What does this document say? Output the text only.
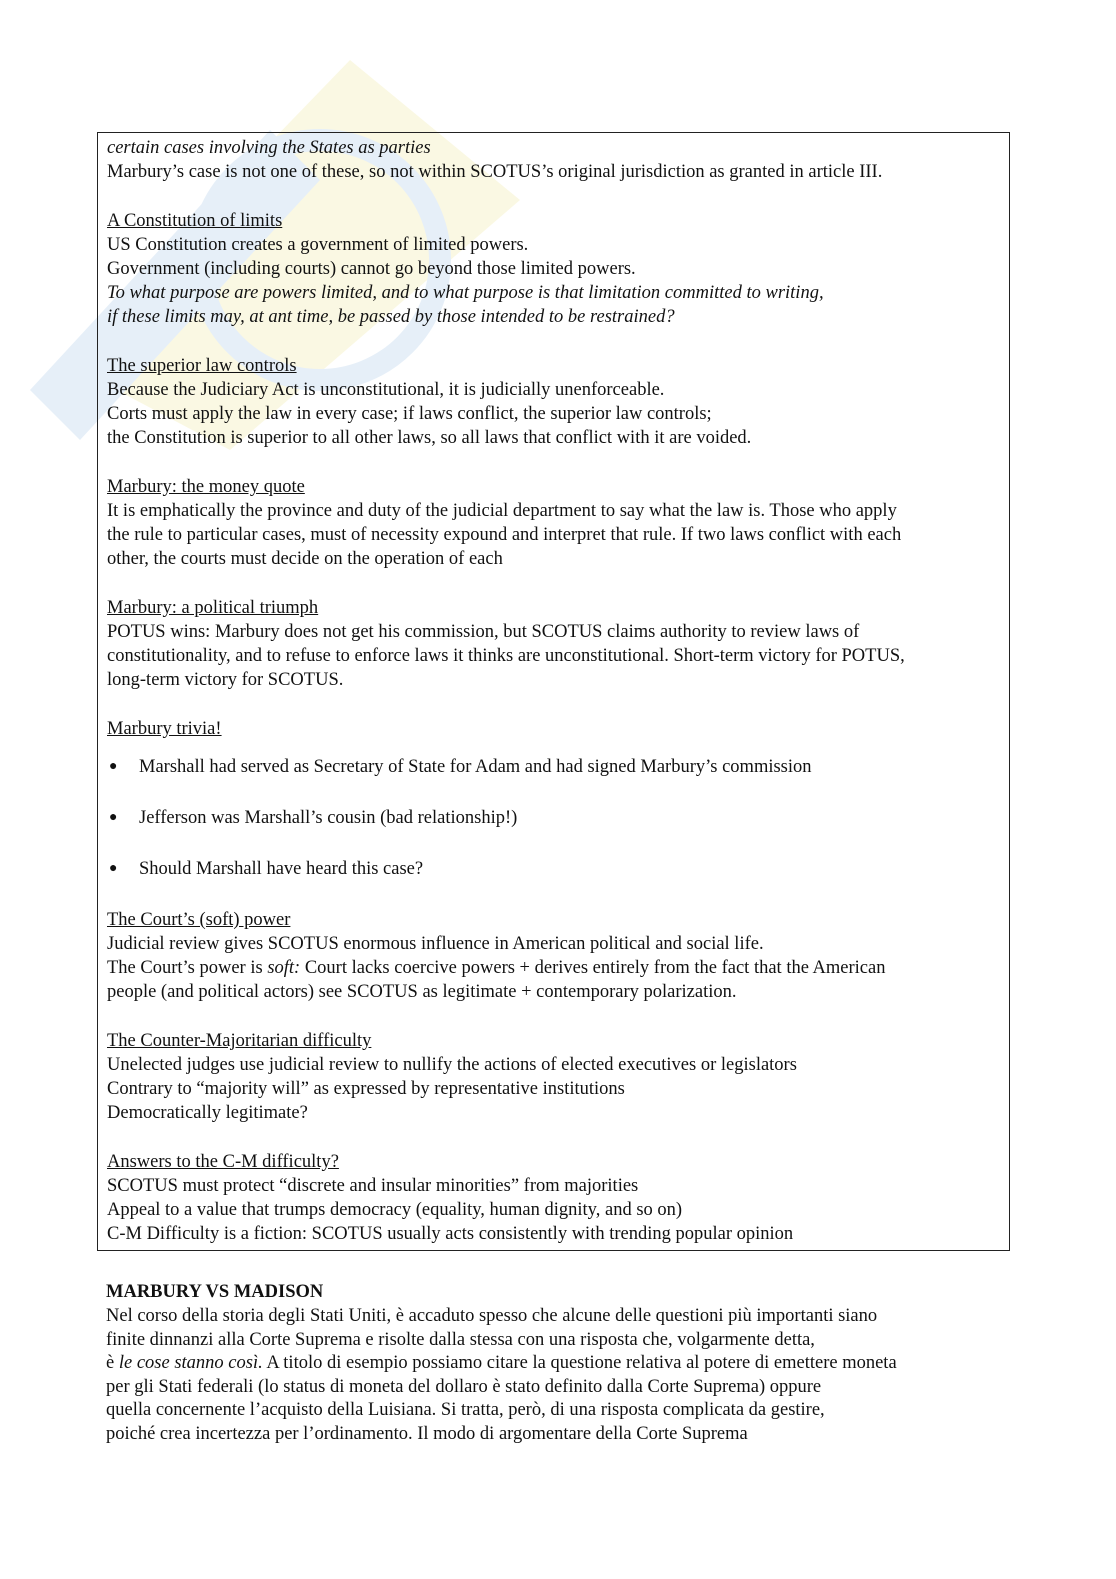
certain cases involving the States as parties
Marbury’s case is not one of these, so not within SCOTUS’s original jurisdiction as granted in article III.
A Constitution of limits
US Constitution creates a government of limited powers.
Government (including courts) cannot go beyond those limited powers.
To what purpose are powers limited, and to what purpose is that limitation committed to writing,
if these limits may, at ant time, be passed by those intended to be restrained?
The superior law controls
Because the Judiciary Act is unconstitutional, it is judicially unenforceable.
Corts must apply the law in every case; if laws conflict, the superior law controls;
the Constitution is superior to all other laws, so all laws that conflict with it are voided.
Marbury: the money quote
It is emphatically the province and duty of the judicial department to say what the law is. Those who apply
the rule to particular cases, must of necessity expound and interpret that rule. If two laws conflict with each
other, the courts must decide on the operation of each
Marbury: a political triumph
POTUS wins: Marbury does not get his commission, but SCOTUS claims authority to review laws of
constitutionality, and to refuse to enforce laws it thinks are unconstitutional. Short-term victory for POTUS,
long-term victory for SCOTUS.
Marbury trivia!
● Marshall had served as Secretary of State for Adam and had signed Marbury’s commission
● Jefferson was Marshall’s cousin (bad relationship!)
● Should Marshall have heard this case?
The Court’s (soft) power
Judicial review gives SCOTUS enormous influence in American political and social life.
The Court’s power is soft: Court lacks coercive powers + derives entirely from the fact that the American
people (and political actors) see SCOTUS as legitimate + contemporary polarization.
The Counter-Majoritarian difficulty
Unelected judges use judicial review to nullify the actions of elected executives or legislators
Contrary to “majority will” as expressed by representative institutions
Democratically legitimate?
Answers to the C-M difficulty?
SCOTUS must protect “discrete and insular minorities” from majorities
Appeal to a value that trumps democracy (equality, human dignity, and so on)
C-M Difficulty is a fiction: SCOTUS usually acts consistently with trending popular opinion
MARBURY VS MADISON
Nel corso della storia degli Stati Uniti, è accaduto spesso che alcune delle questioni più importanti siano
finite dinnanzi alla Corte Suprema e risolte dalla stessa con una risposta che, volgarmente detta,
è le cose stanno così. A titolo di esempio possiamo citare la questione relativa al potere di emettere moneta
per gli Stati federali (lo status di moneta del dollaro è stato definito dalla Corte Suprema) oppure
quella concernente l’acquisto della Luisiana. Si tratta, però, di una risposta complicata da gestire,
poiché crea incertezza per l’ordinamento. Il modo di argomentare della Corte Suprema
